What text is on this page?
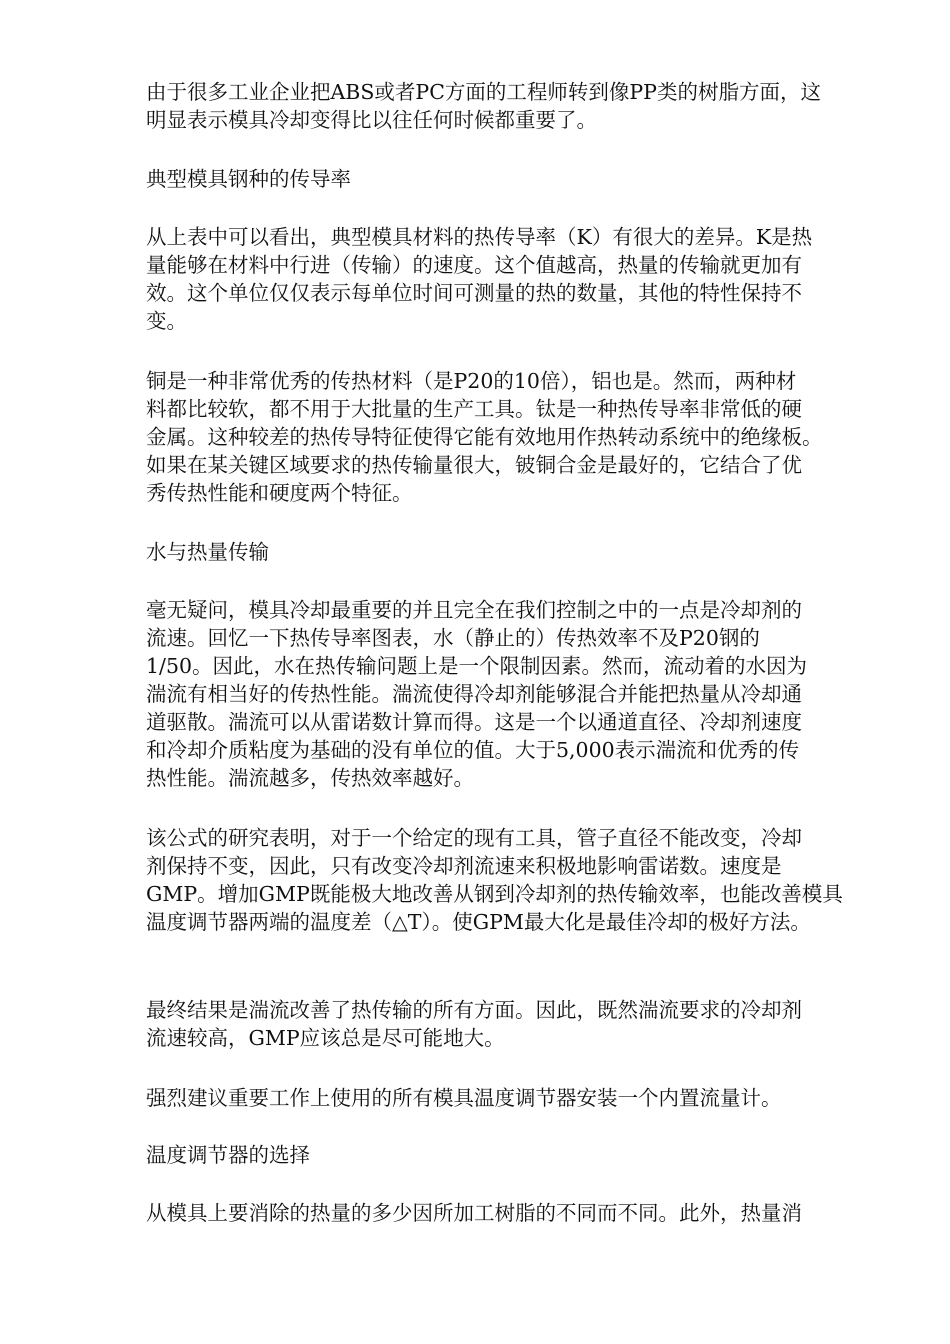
由于很多工业企业把ABS或者PC方面的工程师转到像PP类的树脂方面，这
明显表示模具冷却变得比以往任何时候都重要了。

典型模具钢种的传导率

从上表中可以看出，典型模具材料的热传导率（K）有很大的差异。K是热
量能够在材料中行进（传输）的速度。这个值越高，热量的传输就更加有
效。这个单位仅仅表示每单位时间可测量的热的数量，其他的特性保持不
变。

铜是一种非常优秀的传热材料（是P20的10倍），铝也是。然而，两种材
料都比较软，都不用于大批量的生产工具。钛是一种热传导率非常低的硬
金属。这种较差的热传导特征使得它能有效地用作热转动系统中的绝缘板。
如果在某关键区域要求的热传输量很大，铍铜合金是最好的，它结合了优
秀传热性能和硬度两个特征。

水与热量传输

毫无疑问，模具冷却最重要的并且完全在我们控制之中的一点是冷却剂的
流速。回忆一下热传导率图表，水（静止的）传热效率不及P20钢的
1/50。因此，水在热传输问题上是一个限制因素。然而，流动着的水因为
湍流有相当好的传热性能。湍流使得冷却剂能够混合并能把热量从冷却通
道驱散。湍流可以从雷诺数计算而得。这是一个以通道直径、冷却剂速度
和冷却介质粘度为基础的没有单位的值。大于5,000表示湍流和优秀的传
热性能。湍流越多，传热效率越好。

该公式的研究表明，对于一个给定的现有工具，管子直径不能改变，冷却
剂保持不变，因此，只有改变冷却剂流速来积极地影响雷诺数。速度是
GMP。增加GMP既能极大地改善从钢到冷却剂的热传输效率，也能改善模具
温度调节器两端的温度差（△T）。使GPM最大化是最佳冷却的极好方法。

最终结果是湍流改善了热传输的所有方面。因此，既然湍流要求的冷却剂
流速较高，GMP应该总是尽可能地大。

强烈建议重要工作上使用的所有模具温度调节器安装一个内置流量计。

温度调节器的选择

从模具上要消除的热量的多少因所加工树脂的不同而不同。此外，热量消
